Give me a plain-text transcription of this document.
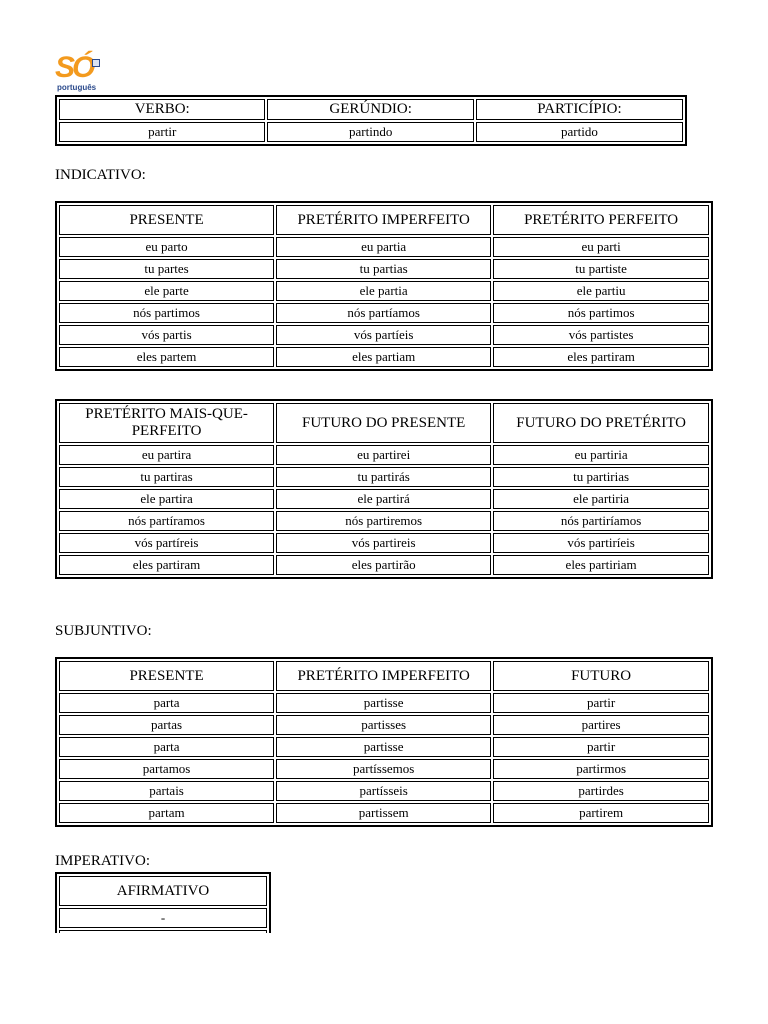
SÓ
português
VERBO:	GERÚNDIO:	PARTICÍPIO:
partir	partindo	partido
INDICATIVO:
PRESENTE	PRETÉRITO IMPERFEITO	PRETÉRITO PERFEITO
eu parto	eu partia	eu parti
tu partes	tu partias	tu partiste
ele parte	ele partia	ele partiu
nós partimos	nós partíamos	nós partimos
vós partis	vós partíeis	vós partistes
eles partem	eles partiam	eles partiram
PRETÉRITO MAIS-QUE-PERFEITO	FUTURO DO PRESENTE	FUTURO DO PRETÉRITO
eu partira	eu partirei	eu partiria
tu partiras	tu partirás	tu partirias
ele partira	ele partirá	ele partiria
nós partíramos	nós partiremos	nós partiríamos
vós partíreis	vós partireis	vós partiríeis
eles partiram	eles partirão	eles partiriam
SUBJUNTIVO:
PRESENTE	PRETÉRITO IMPERFEITO	FUTURO
parta	partisse	partir
partas	partisses	partires
parta	partisse	partir
partamos	partíssemos	partirmos
partais	partísseis	partirdes
partam	partissem	partirem
IMPERATIVO:
AFIRMATIVO
-
